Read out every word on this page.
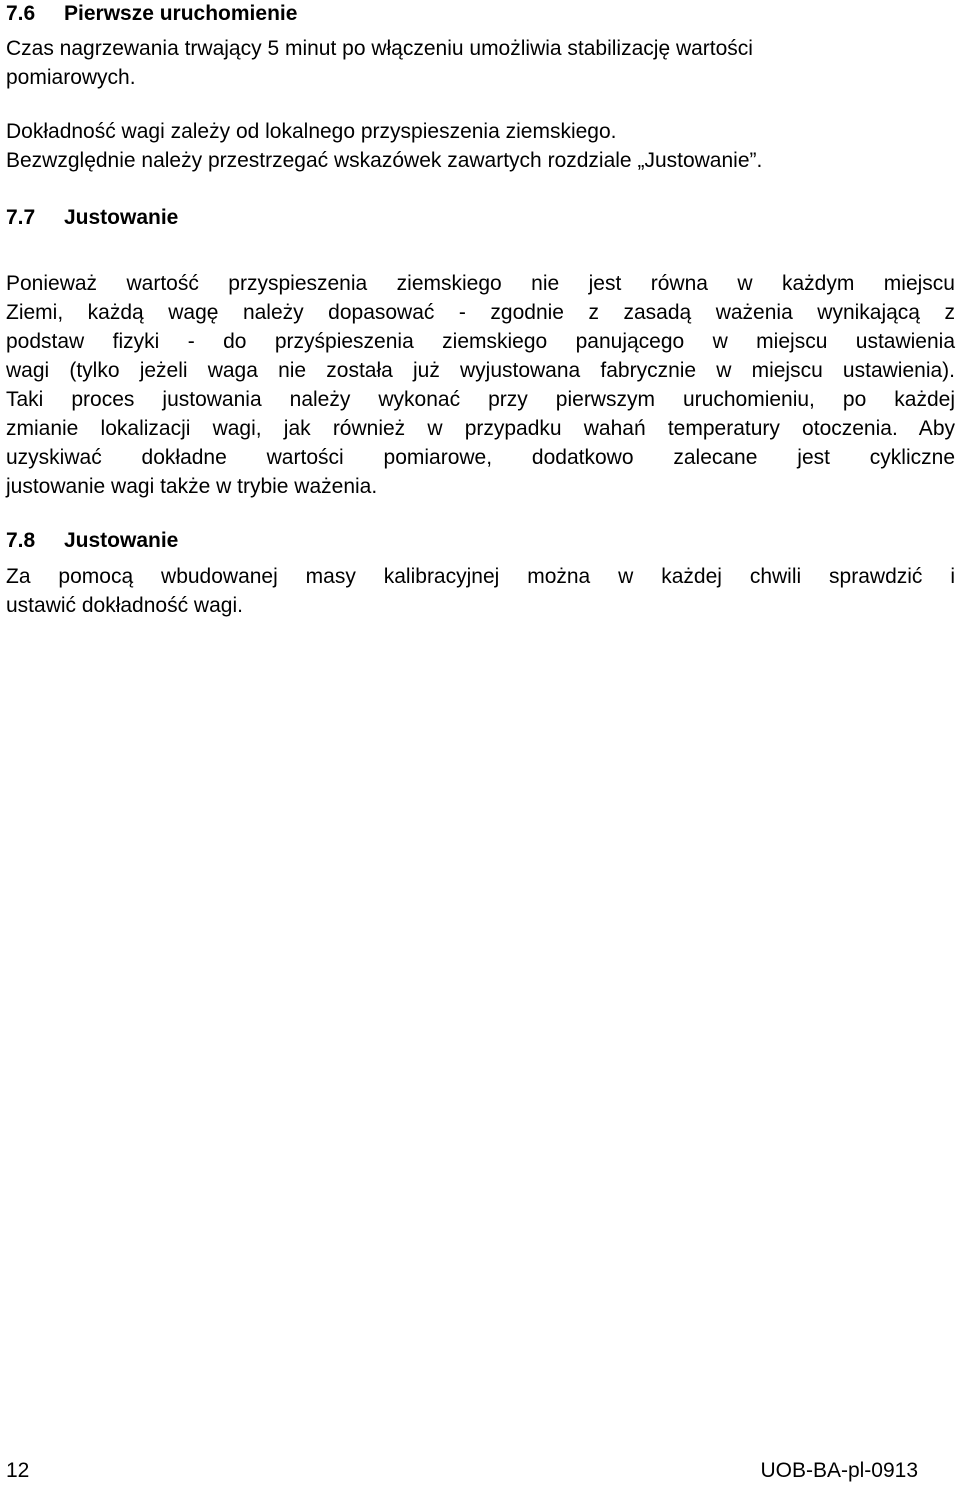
7.6 Pierwsze uruchomienie
Czas nagrzewania trwający 5 minut po włączeniu umożliwia stabilizację wartości
pomiarowych.
Dokładność wagi zależy od lokalnego przyspieszenia ziemskiego.
Bezwzględnie należy przestrzegać wskazówek zawartych rozdziale „Justowanie”.
7.7 Justowanie
Ponieważ wartość przyspieszenia ziemskiego nie jest równa w każdym miejscu
Ziemi, każdą wagę należy dopasować - zgodnie z zasadą ważenia wynikającą z
podstaw fizyki - do przyśpieszenia ziemskiego panującego w miejscu ustawienia
wagi (tylko jeżeli waga nie została już wyjustowana fabrycznie w miejscu ustawienia).
Taki proces justowania należy wykonać przy pierwszym uruchomieniu, po każdej
zmianie lokalizacji wagi, jak również w przypadku wahań temperatury otoczenia. Aby
uzyskiwać dokładne wartości pomiarowe, dodatkowo zalecane jest cykliczne
justowanie wagi także w trybie ważenia.
7.8 Justowanie
Za pomocą wbudowanej masy kalibracyjnej można w każdej chwili sprawdzić i
ustawić dokładność wagi.
12	UOB-BA-pl-0913
